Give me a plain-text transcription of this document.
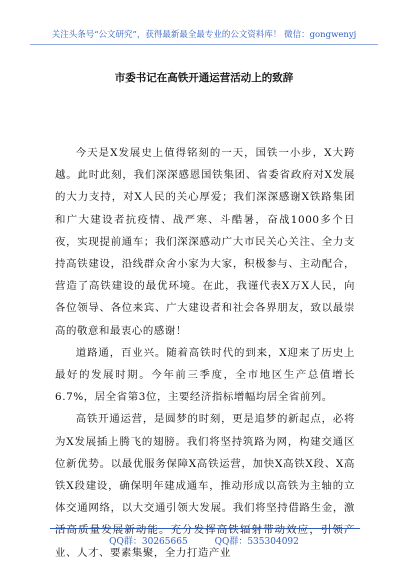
关注头条号“公文研究”，获得最新最全最专业的公文资料库！ 微信：gongwenyj
市委书记在高铁开通运营活动上的致辞

今天是X发展史上值得铭刻的一天，国铁一小步，X大跨越。此时此刻，我们深深感恩国铁集团、省委省政府对X发展的大力支持，对X人民的关心厚爱；我们深深感谢X铁路集团和广大建设者抗疫情、战严寒、斗酷暑，奋战1000多个日夜，实现提前通车；我们深深感动广大市民关心关注、全力支持高铁建设，沿线群众舍小家为大家，积极参与、主动配合，营造了高铁建设的最优环境。在此，我谨代表X万X人民，向各位领导、各位来宾、广大建设者和社会各界朋友，致以最崇高的敬意和最衷心的感谢！

道路通，百业兴。随着高铁时代的到来，X迎来了历史上最好的发展时期。今年前三季度，全市地区生产总值增长6.7%，居全省第3位，主要经济指标增幅均居全省前列。

高铁开通运营，是圆梦的时刻，更是追梦的新起点，必将为X发展插上腾飞的翅膀。我们将坚持筑路为网，构建交通区位新优势。以最优服务保障X高铁运营，加快X高铁X段、X高铁X段建设，确保明年建成通车，推动形成以高铁为主轴的立体交通网络，以大交通引领大发展。我们将坚持借路生金，激活高质量发展新动能。充分发挥高铁辐射带动效应，引领产业、人才、要素集聚，全力打造产业

QQ群：30265665	QQ群：535304092
